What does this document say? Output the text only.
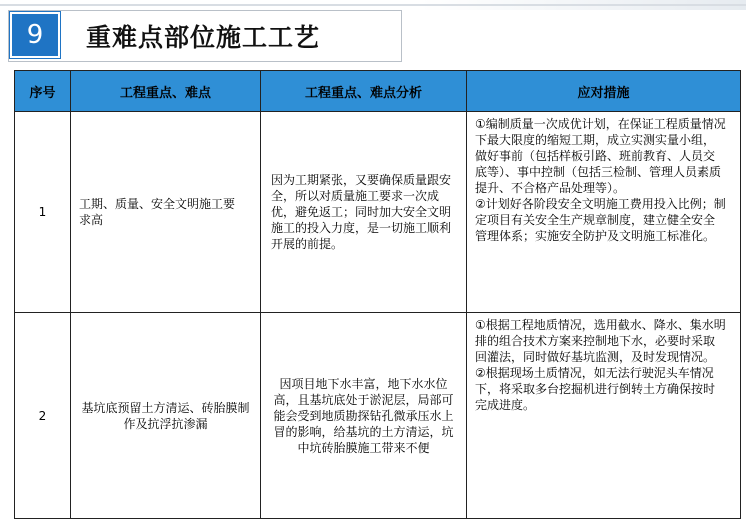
9	重难点部位施工工艺
序号	工程重点、难点	工程重点、难点分析	应对措施
1	工期、质量、安全文明施工要求高	因为工期紧张，又要确保质量跟安全，所以对质量施工要求一次成优，避免返工；同时加大安全文明施工的投入力度，是一切施工顺利开展的前提。	①编制质量一次成优计划，在保证工程质量情况下最大限度的缩短工期，成立实测实量小组，做好事前（包括样板引路、班前教育、人员交底等）、事中控制（包括三检制、管理人员素质提升、不合格产品处理等）。
②计划好各阶段安全文明施工费用投入比例；制定项目有关安全生产规章制度，建立健全安全管理体系；实施安全防护及文明施工标准化。

2	基坑底预留土方清运、砖胎膜制作及抗浮抗渗漏	因项目地下水丰富，地下水水位高，且基坑底处于淤泥层，局部可能会受到地质勘探钻孔微承压水上冒的影响，给基坑的土方清运，坑中坑砖胎膜施工带来不便	①根据工程地质情况，选用截水、降水、集水明排的组合技术方案来控制地下水，必要时采取回灌法，同时做好基坑监测，及时发现情况。
②根据现场土质情况，如无法行驶泥头车情况下，将采取多台挖掘机进行倒转土方确保按时完成进度。
